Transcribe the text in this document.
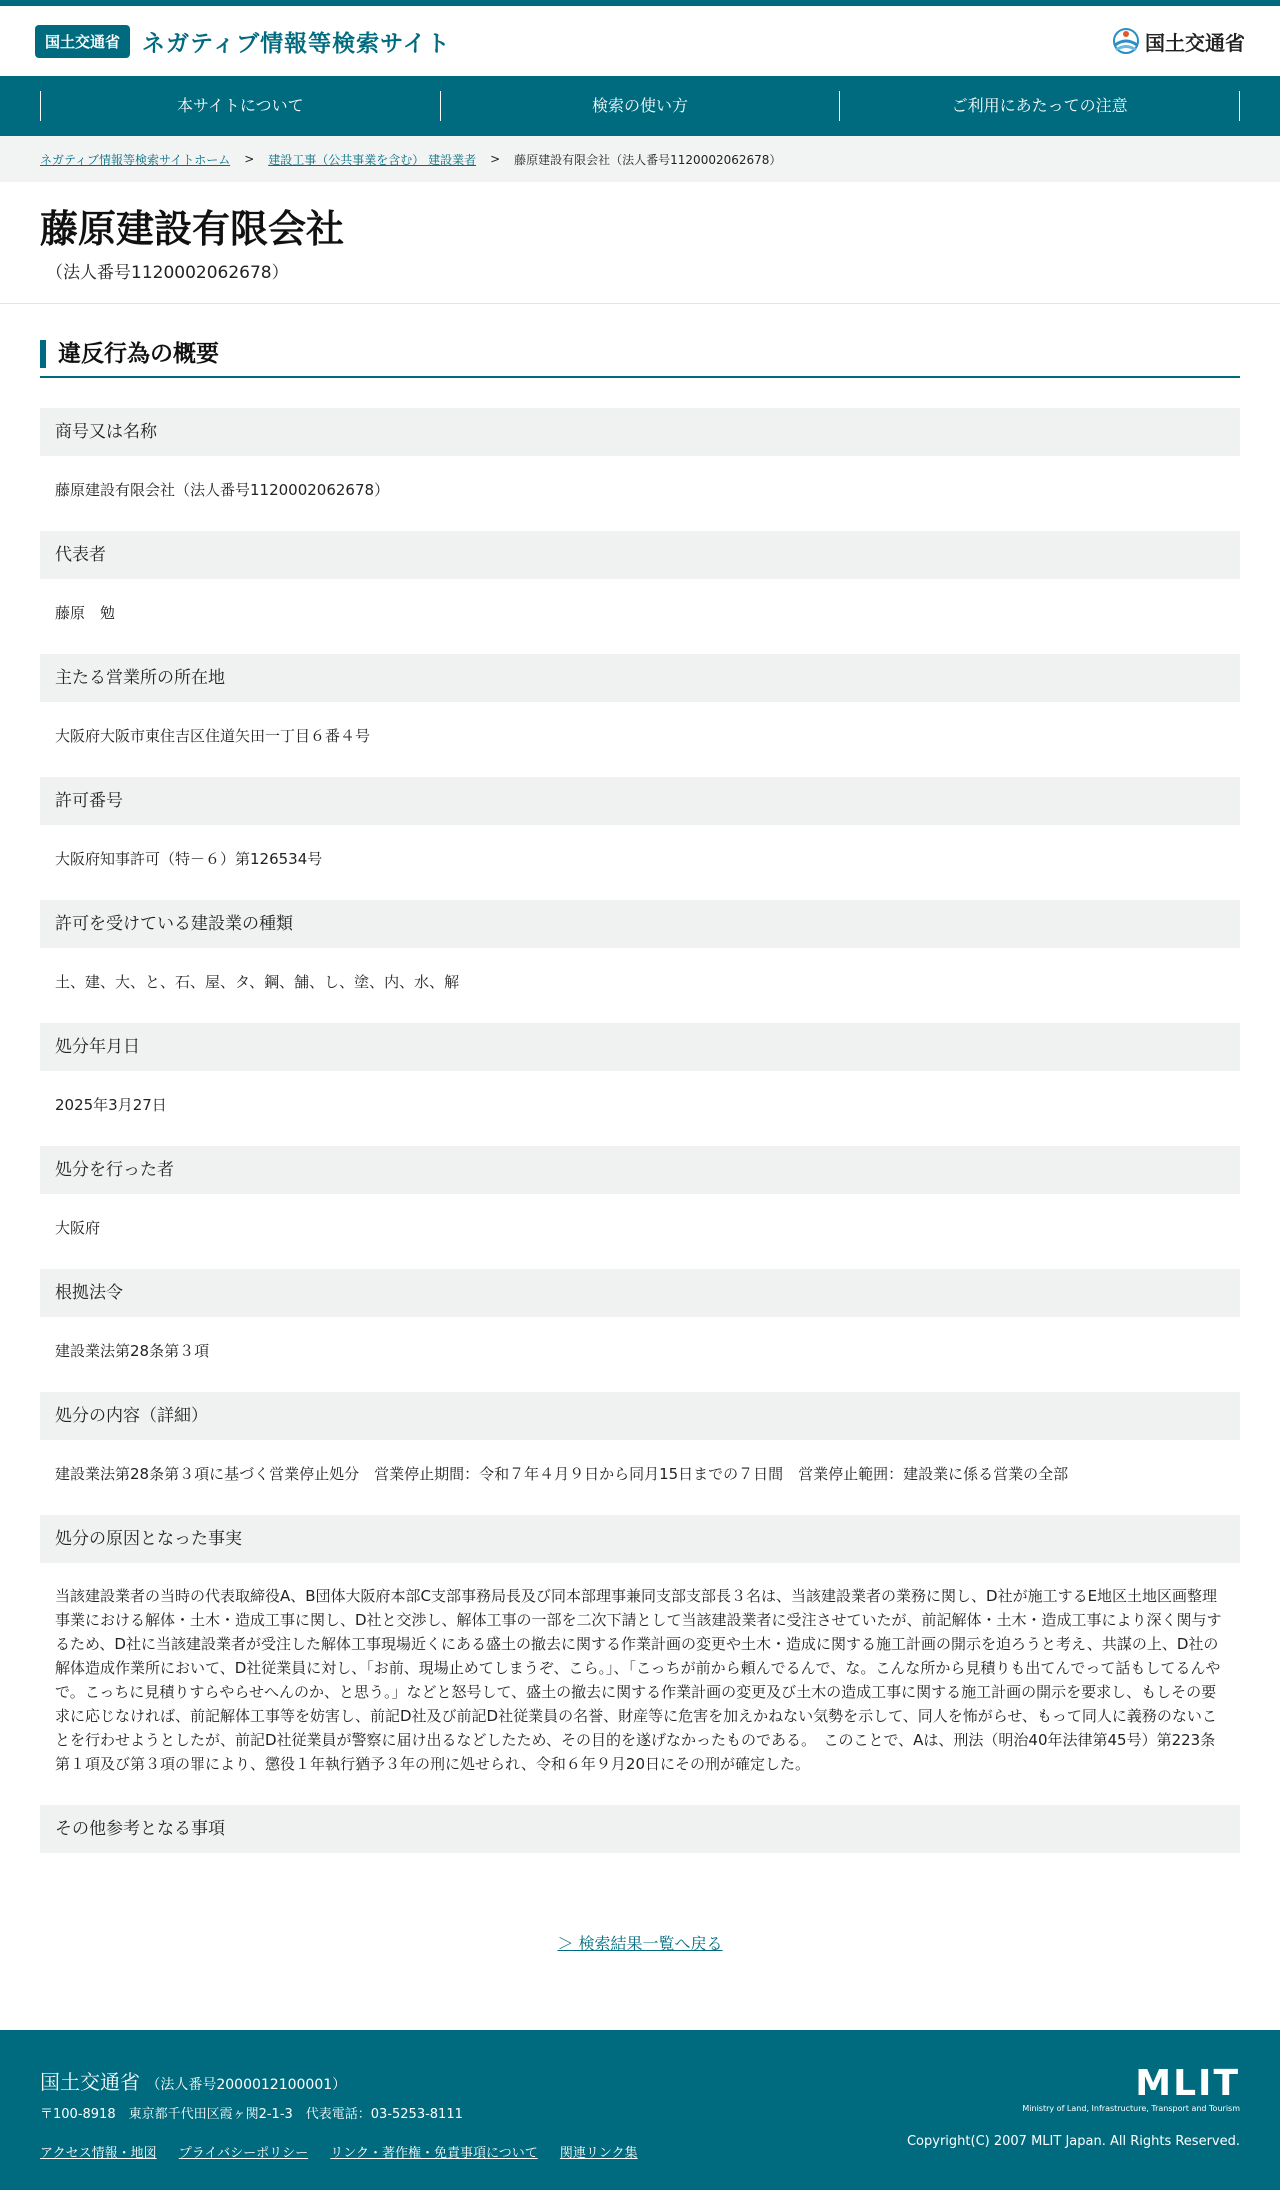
国土交通省 ネガティブ情報等検索サイト	国土交通省
本サイトについて	検索の使い方	ご利用にあたっての注意
ネガティブ情報等検索サイトホーム > 建設工事（公共事業を含む） 建設業者 > 藤原建設有限会社（法人番号1120002062678）
藤原建設有限会社

（法人番号1120002062678）

違反行為の概要
商号又は名称
藤原建設有限会社（法人番号1120002062678）
代表者
藤原　勉
主たる営業所の所在地
大阪府大阪市東住吉区住道矢田一丁目６番４号
許可番号
大阪府知事許可（特－６）第126534号
許可を受けている建設業の種類
土、建、大、と、石、屋、タ、鋼、舗、し、塗、内、水、解
処分年月日
2025年3月27日
処分を行った者
大阪府
根拠法令
建設業法第28条第３項
処分の内容（詳細）
建設業法第28条第３項に基づく営業停止処分　営業停止期間：令和７年４月９日から同月15日までの７日間　営業停止範囲：建設業に係る営業の全部
処分の原因となった事実
当該建設業者の当時の代表取締役A、B団体大阪府本部C支部事務局長及び同本部理事兼同支部支部長３名は、当該建設業者の業務に関し、D社が施工するE地区土地区画整理事業における解体・土木・造成工事に関し、D社と交渉し、解体工事の一部を二次下請として当該建設業者に受注させていたが、前記解体・土木・造成工事により深く関与するため、D社に当該建設業者が受注した解体工事現場近くにある盛土の撤去に関する作業計画の変更や土木・造成に関する施工計画の開示を迫ろうと考え、共謀の上、D社の解体造成作業所において、D社従業員に対し、「お前、現場止めてしまうぞ、こら。」、「こっちが前から頼んでるんで、な。こんな所から見積りも出てんでって話もしてるんやで。こっちに見積りすらやらせへんのか、と思う。」などと怒号して、盛土の撤去に関する作業計画の変更及び土木の造成工事に関する施工計画の開示を要求し、もしその要求に応じなければ、前記解体工事等を妨害し、前記D社及び前記D社従業員の名誉、財産等に危害を加えかねない気勢を示して、同人を怖がらせ、もって同人に義務のないことを行わせようとしたが、前記D社従業員が警察に届け出るなどしたため、その目的を遂げなかったものである。　このことで、Aは、刑法（明治40年法律第45号）第223条第１項及び第３項の罪により、懲役１年執行猶予３年の刑に処せられ、令和６年９月20日にその刑が確定した。
その他参考となる事項
＞ 検索結果一覧へ戻る
国土交通省 （法人番号2000012100001）
〒100-8918　東京都千代田区霞ヶ関2-1-3　代表電話：03-5253-8111
アクセス情報・地図 プライバシーポリシー リンク・著作権・免責事項について 関連リンク集
MLIT
Ministry of Land, Infrastructure, Transport and Tourism
Copyright(C) 2007 MLIT Japan. All Rights Reserved.
